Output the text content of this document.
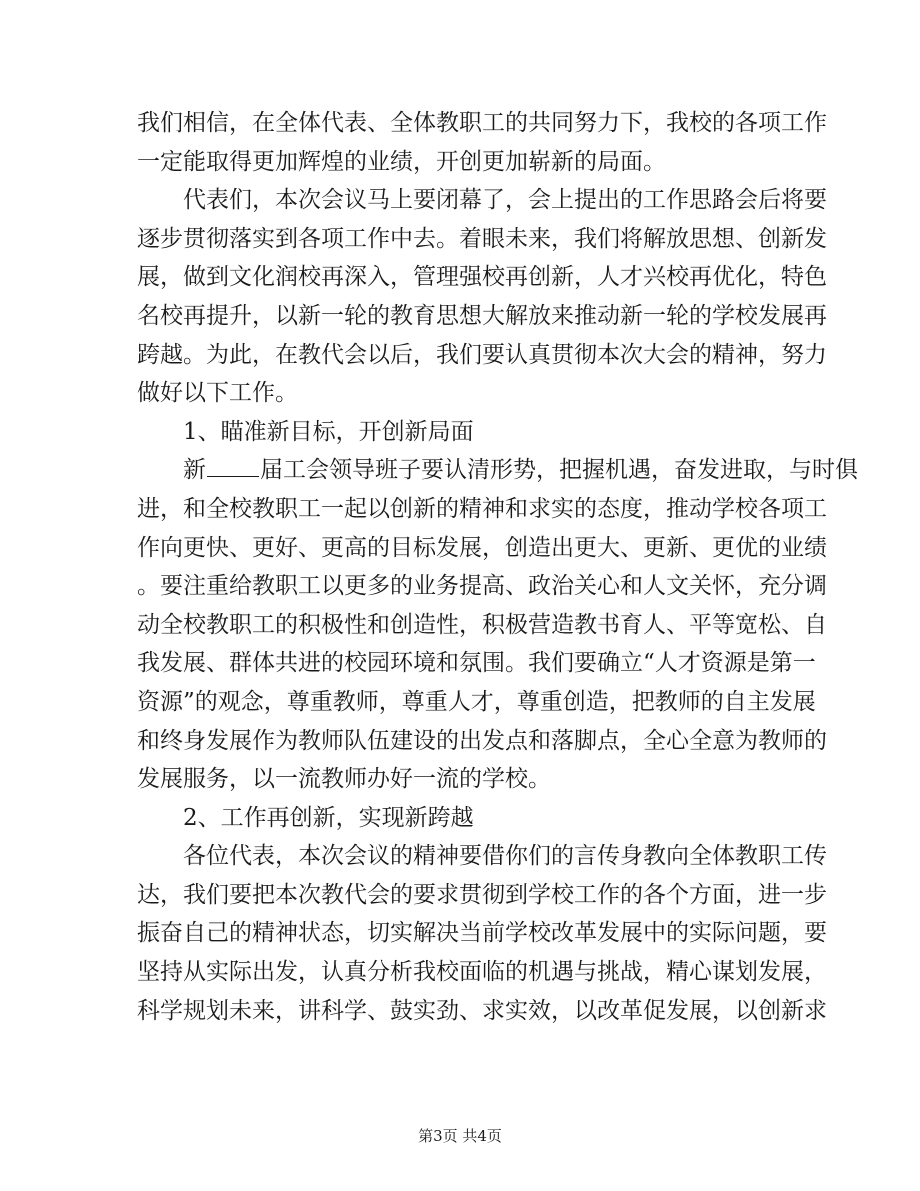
我们相信，在全体代表、全体教职工的共同努力下，我校的各项工作
一定能取得更加辉煌的业绩，开创更加崭新的局面。
代表们，本次会议马上要闭幕了，会上提出的工作思路会后将要
逐步贯彻落实到各项工作中去。着眼未来，我们将解放思想、创新发
展，做到文化润校再深入，管理强校再创新，人才兴校再优化，特色
名校再提升，以新一轮的教育思想大解放来推动新一轮的学校发展再
跨越。为此，在教代会以后，我们要认真贯彻本次大会的精神，努力
做好以下工作。
1、瞄准新目标，开创新局面
新 届工会领导班子要认清形势，把握机遇，奋发进取，与时俱
进，和全校教职工一起以创新的精神和求实的态度，推动学校各项工
作向更快、更好、更高的目标发展，创造出更大、更新、更优的业绩
。要注重给教职工以更多的业务提高、政治关心和人文关怀，充分调
动全校教职工的积极性和创造性，积极营造教书育人、平等宽松、自
我发展、群体共进的校园环境和氛围。我们要确立“人才资源是第一
资源”的观念，尊重教师，尊重人才，尊重创造，把教师的自主发展
和终身发展作为教师队伍建设的出发点和落脚点，全心全意为教师的
发展服务，以一流教师办好一流的学校。
2、工作再创新，实现新跨越
各位代表，本次会议的精神要借你们的言传身教向全体教职工传
达，我们要把本次教代会的要求贯彻到学校工作的各个方面，进一步
振奋自己的精神状态，切实解决当前学校改革发展中的实际问题，要
坚持从实际出发，认真分析我校面临的机遇与挑战，精心谋划发展，
科学规划未来，讲科学、鼓实劲、求实效，以改革促发展，以创新求
第3页 共4页
